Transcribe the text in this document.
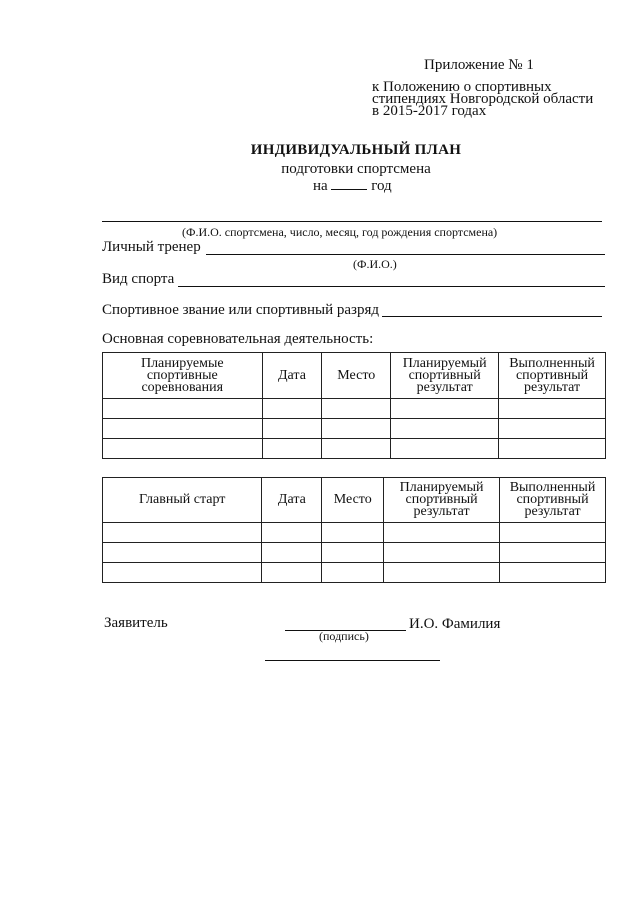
Приложение № 1
к Положению о спортивных
стипендиях Новгородской области
в 2015-2017 годах
ИНДИВИДУАЛЬНЫЙ ПЛАН
подготовки спортсмена
на	год
(Ф.И.О. спортсмена, число, месяц, год рождения спортсмена)
Личный тренер
(Ф.И.О.)
Вид спорта
Спортивное звание или спортивный разряд
Основная соревновательная деятельность:
Планируемые спортивные соревнования	Дата	Место	Планируемый спортивный результат	Выполненный спортивный результат

Главный старт	Дата	Место	Планируемый спортивный результат	Выполненный спортивный результат

Заявитель	И.О. Фамилия
(подпись)
